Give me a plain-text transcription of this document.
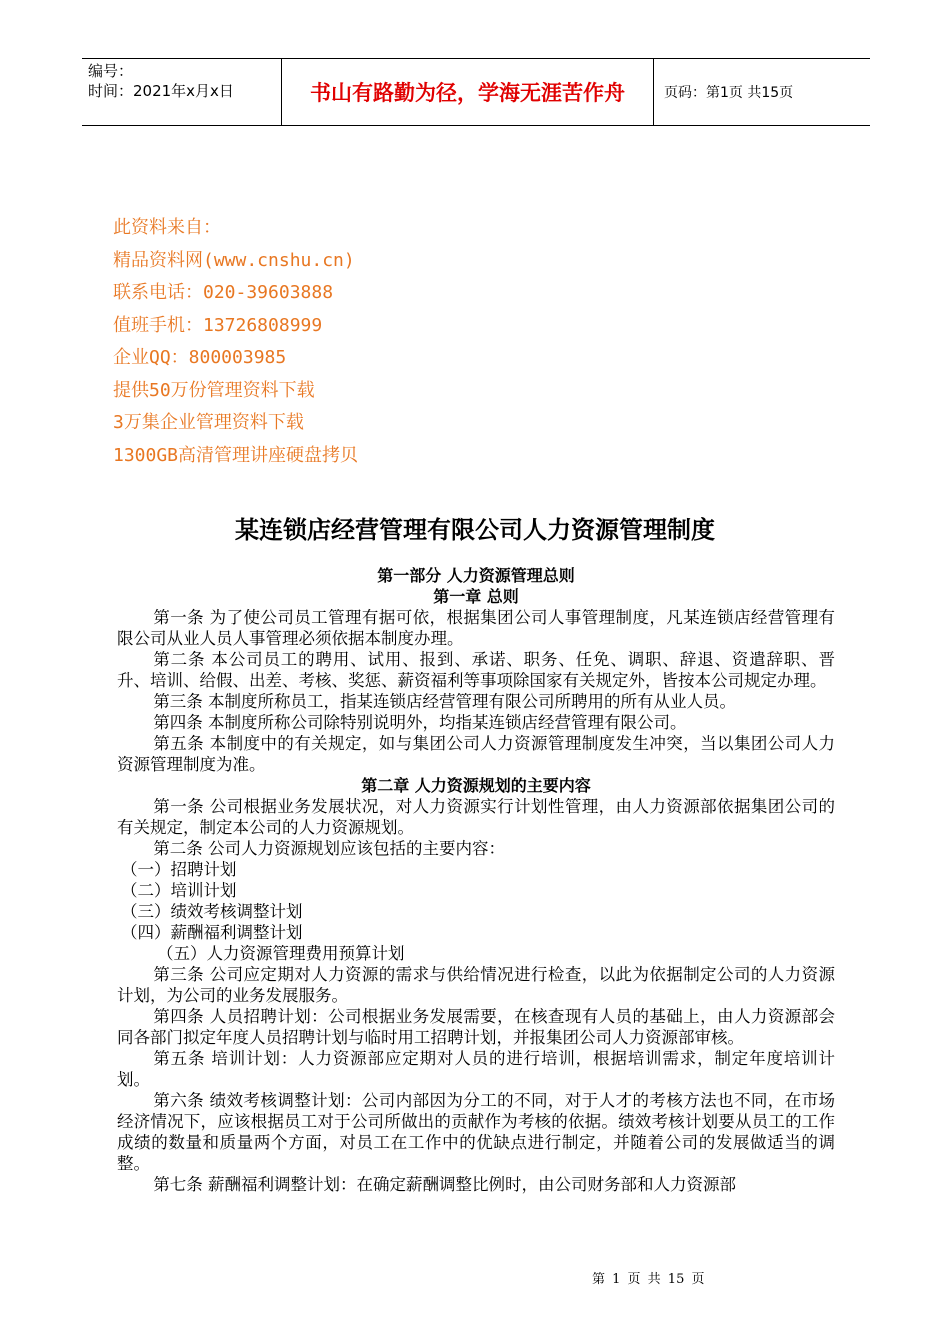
编号：
时间：2021年x月x日	书山有路勤为径，学海无涯苦作舟	页码：第1页 共15页
此资料来自：
精品资料网(www.cnshu.cn)
联系电话：020-39603888
值班手机：13726808999
企业QQ：800003985
提供50万份管理资料下载
3万集企业管理资料下载
1300GB高清管理讲座硬盘拷贝
某连锁店经营管理有限公司人力资源管理制度
第一部分 人力资源管理总则
第一章 总则
第一条 为了使公司员工管理有据可依，根据集团公司人事管理制度，凡某连锁店经营管理有限公司从业人员人事管理必须依据本制度办理。
第二条 本公司员工的聘用、试用、报到、承诺、职务、任免、调职、辞退、资遣辞职、晋升、培训、给假、出差、考核、奖惩、薪资福利等事项除国家有关规定外，皆按本公司规定办理。
第三条 本制度所称员工，指某连锁店经营管理有限公司所聘用的所有从业人员。
第四条 本制度所称公司除特别说明外，均指某连锁店经营管理有限公司。
第五条 本制度中的有关规定，如与集团公司人力资源管理制度发生冲突，当以集团公司人力资源管理制度为准。
第二章 人力资源规划的主要内容
第一条 公司根据业务发展状况，对人力资源实行计划性管理，由人力资源部依据集团公司的有关规定，制定本公司的人力资源规划。
第二条 公司人力资源规划应该包括的主要内容：
（一）招聘计划
（二）培训计划
（三）绩效考核调整计划
（四）薪酬福利调整计划
（五）人力资源管理费用预算计划
第三条 公司应定期对人力资源的需求与供给情况进行检查，以此为依据制定公司的人力资源计划，为公司的业务发展服务。
第四条 人员招聘计划：公司根据业务发展需要，在核查现有人员的基础上，由人力资源部会同各部门拟定年度人员招聘计划与临时用工招聘计划，并报集团公司人力资源部审核。
第五条 培训计划：人力资源部应定期对人员的进行培训，根据培训需求，制定年度培训计划。
第六条 绩效考核调整计划：公司内部因为分工的不同，对于人才的考核方法也不同，在市场经济情况下，应该根据员工对于公司所做出的贡献作为考核的依据。绩效考核计划要从员工的工作成绩的数量和质量两个方面，对员工在工作中的优缺点进行制定，并随着公司的发展做适当的调整。
第七条 薪酬福利调整计划：在确定薪酬调整比例时，由公司财务部和人力资源部
第 1 页 共 15 页
